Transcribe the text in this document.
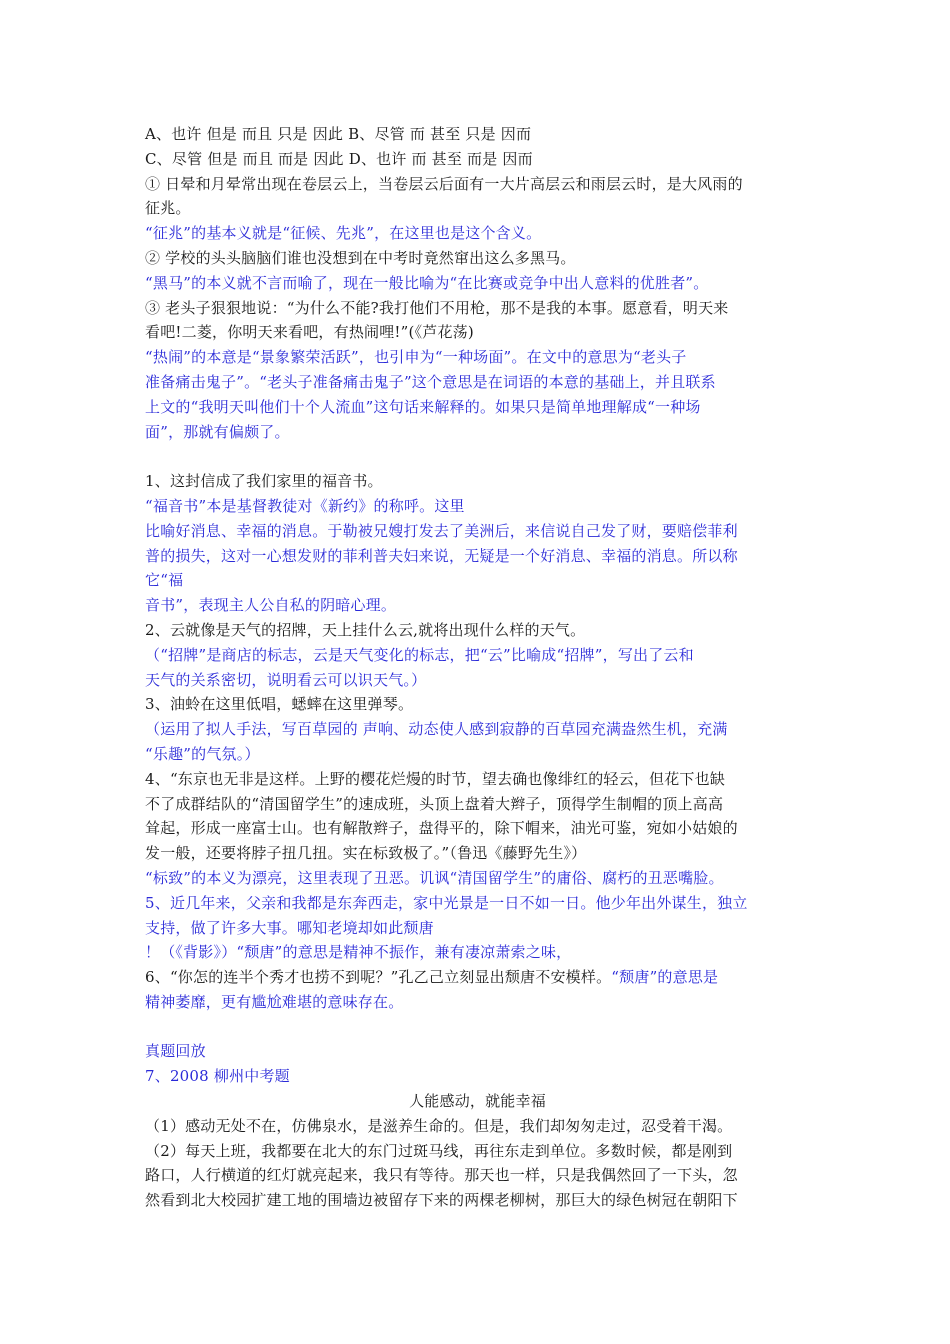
A、也许 但是 而且 只是 因此 B、尽管 而 甚至 只是 因而
C、尽管 但是 而且 而是 因此 D、也许 而 甚至 而是 因而
① 日晕和月晕常出现在卷层云上，当卷层云后面有一大片高层云和雨层云时，是大风雨的
征兆。
“征兆”的基本义就是“征候、先兆”，在这里也是这个含义。
② 学校的头头脑脑们谁也没想到在中考时竟然窜出这么多黑马。
“黑马”的本义就不言而喻了，现在一般比喻为“在比赛或竞争中出人意料的优胜者”。
③ 老头子狠狠地说：“为什么不能?我打他们不用枪，那不是我的本事。愿意看，明天来
看吧!二菱，你明天来看吧，有热闹哩!”(《芦花荡)
“热闹”的本意是“景象繁荣活跃”，也引申为“一种场面”。在文中的意思为“老头子
准备痛击鬼子”。“老头子准备痛击鬼子”这个意思是在词语的本意的基础上，并且联系
上文的“我明天叫他们十个人流血”这句话来解释的。如果只是简单地理解成“一种场
面”，那就有偏颇了。
1、这封信成了我们家里的福音书。
“福音书”本是基督教徒对《新约》的称呼。这里
比喻好消息、幸福的消息。于勒被兄嫂打发去了美洲后，来信说自己发了财，要赔偿菲利
普的损失，这对一心想发财的菲利普夫妇来说，无疑是一个好消息、幸福的消息。所以称
它“福
音书”，表现主人公自私的阴暗心理。
2、云就像是天气的招牌，天上挂什么云,就将出现什么样的天气。
（“招牌”是商店的标志，云是天气变化的标志，把“云”比喻成“招牌”，写出了云和
天气的关系密切，说明看云可以识天气。）
3、油蛉在这里低唱，蟋蟀在这里弹琴。
（运用了拟人手法，写百草园的 声响、动态使人感到寂静的百草园充满盎然生机，充满
“乐趣”的气氛。）
4、“东京也无非是这样。上野的樱花烂熳的时节，望去确也像绯红的轻云，但花下也缺
不了成群结队的“清国留学生”的速成班，头顶上盘着大辫子，顶得学生制帽的顶上高高
耸起，形成一座富士山。也有解散辫子，盘得平的，除下帽来，油光可鉴，宛如小姑娘的
发一般，还要将脖子扭几扭。实在标致极了。”（鲁迅《藤野先生》）
“标致”的本义为漂亮，这里表现了丑恶。讥讽“清国留学生”的庸俗、腐朽的丑恶嘴脸。
5、近几年来，父亲和我都是东奔西走，家中光景是一日不如一日。他少年出外谋生，独立
支持，做了许多大事。哪知老境却如此颓唐
！（《背影》）“颓唐”的意思是精神不振作，兼有凄凉萧索之味，
6、“你怎的连半个秀才也捞不到呢？”孔乙己立刻显出颓唐不安模样。“颓唐”的意思是
精神萎靡，更有尴尬难堪的意味存在。
真题回放
7、2008 柳州中考题
人能感动，就能幸福
（1）感动无处不在，仿佛泉水，是滋养生命的。但是，我们却匆匆走过，忍受着干渴。
（2）每天上班，我都要在北大的东门过斑马线，再往东走到单位。多数时候，都是刚到
路口，人行横道的红灯就亮起来，我只有等待。那天也一样，只是我偶然回了一下头，忽
然看到北大校园扩建工地的围墙边被留存下来的两棵老柳树，那巨大的绿色树冠在朝阳下
